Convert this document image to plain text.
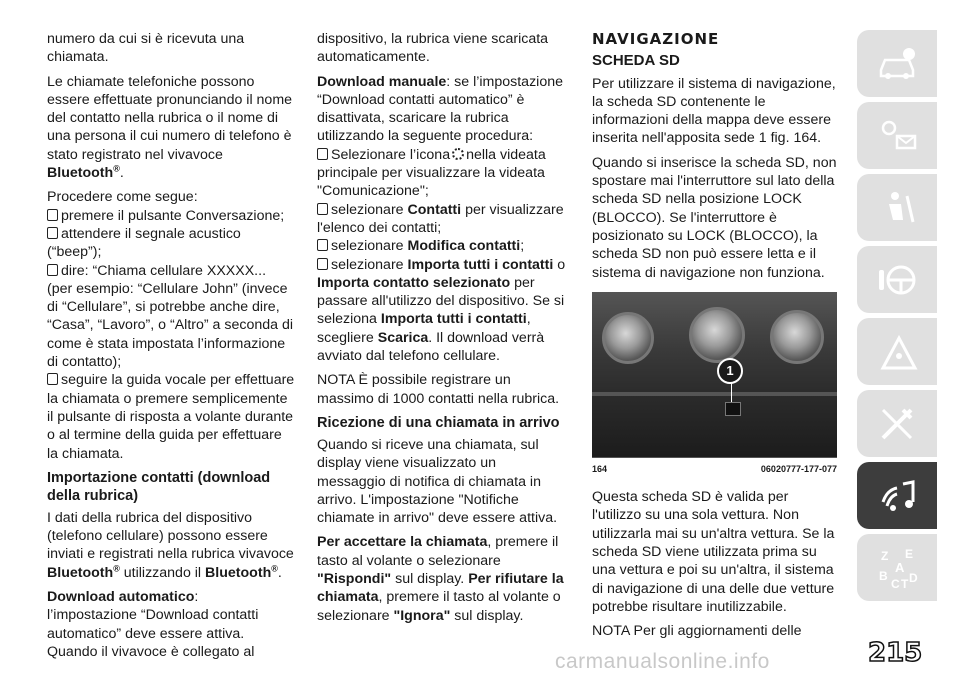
numero da cui si è ricevuta una chiamata.

Le chiamate telefoniche possono essere effettuate pronunciando il nome del contatto nella rubrica o il nome di una persona il cui numero di telefono è stato registrato nel vivavoce Bluetooth®.

Procedere come segue:

premere il pulsante Conversazione;
attendere il segnale acustico (“beep”);
dire: “Chiama cellulare XXXXX... (per esempio: “Cellulare John” (invece di “Cellulare”, si potrebbe anche dire, “Casa”, “Lavoro”, o “Altro” a seconda di come è stata impostata l’informazione di contatto);
seguire la guida vocale per effettuare la chiamata o premere semplicemente il pulsante di risposta a volante durante o al termine della guida per effettuare la chiamata.
Importazione contatti (download della rubrica)

I dati della rubrica del dispositivo (telefono cellulare) possono essere inviati e registrati nella rubrica vivavoce Bluetooth® utilizzando il Bluetooth®.

Download automatico:
l’impostazione “Download contatti automatico” deve essere attiva.

Quando il vivavoce è collegato al

dispositivo, la rubrica viene scaricata automaticamente.

Download manuale: se l’impostazione “Download contatti automatico” è disattivata, scaricare la rubrica utilizzando la seguente procedura:

Selezionare l’icona nella videata principale per visualizzare la videata "Comunicazione";
selezionare Contatti per visualizzare l'elenco dei contatti;
selezionare Modifica contatti;
selezionare Importa tutti i contatti o Importa contatto selezionato per passare all'utilizzo del dispositivo. Se si seleziona Importa tutti i contatti, scegliere Scarica. Il download verrà avviato dal telefono cellulare.

NOTA È possibile registrare un massimo di 1000 contatti nella rubrica.

Ricezione di una chiamata in arrivo

Quando si riceve una chiamata, sul display viene visualizzato un messaggio di notifica di chiamata in arrivo. L'impostazione "Notifiche chiamate in arrivo" deve essere attiva.

Per accettare la chiamata, premere il tasto al volante o selezionare "Rispondi" sul display. Per rifiutare la chiamata, premere il tasto al volante o selezionare "Ignora" sul display.

NAVIGAZIONE
SCHEDA SD

Per utilizzare il sistema di navigazione, la scheda SD contenente le informazioni della mappa deve essere inserita nell'apposita sede 1 fig. 164.

Quando si inserisce la scheda SD, non spostare mai l'interruttore sul lato della scheda SD nella posizione LOCK (BLOCCO). Se l'interruttore è posizionato su LOCK (BLOCCO), la scheda SD non può essere letta e il sistema di navigazione non funziona.

1
164	06020777-177-077

Questa scheda SD è valida per l'utilizzo su una sola vettura. Non utilizzarla mai su un'altra vettura. Se la scheda SD viene utilizzata prima su una vettura e poi su un'altra, il sistema di navigazione di una delle due vetture potrebbe risultare inutilizzabile.

NOTA Per gli aggiornamenti delle

Z E
A
B
C T D
carmanualsonline.info	215
